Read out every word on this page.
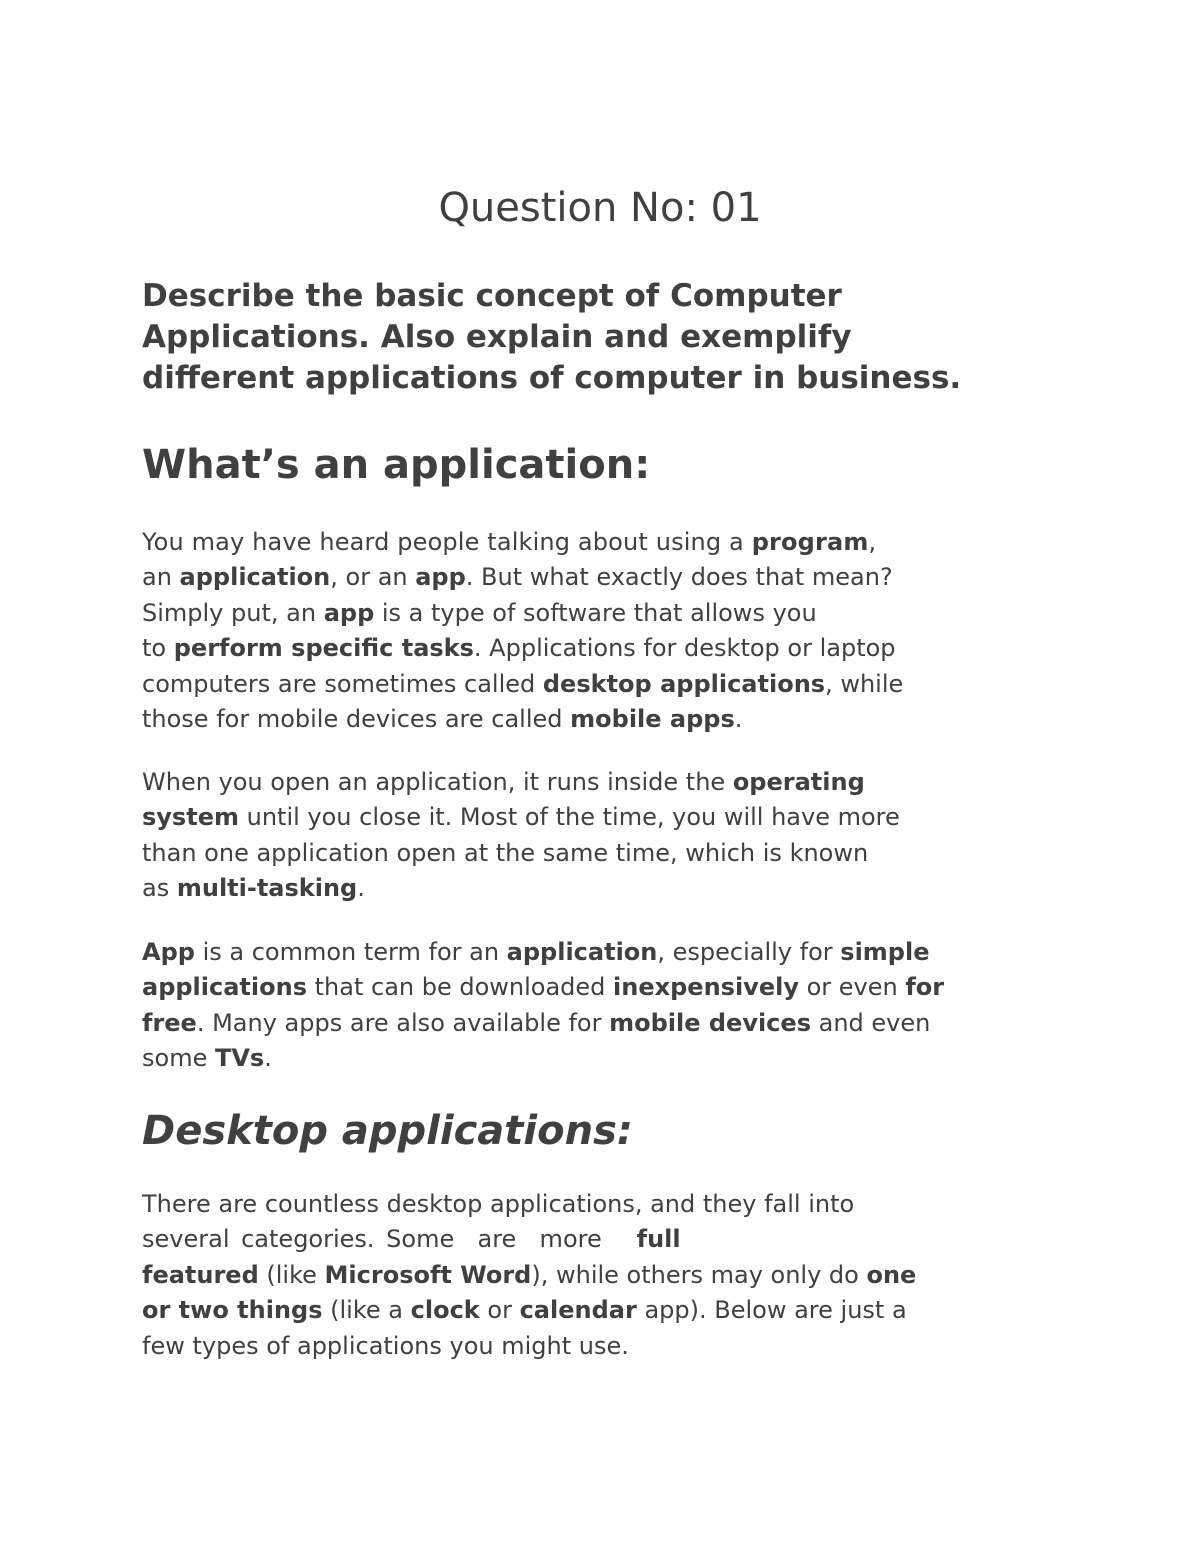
Question No: 01

Describe the basic concept of Computer
Applications. Also explain and exemplify
different applications of computer in business.

What’s an application:

You may have heard people talking about using a program,
an application, or an app. But what exactly does that mean?
Simply put, an app is a type of software that allows you
to perform specific tasks. Applications for desktop or laptop
computers are sometimes called desktop applications, while
those for mobile devices are called mobile apps.

When you open an application, it runs inside the operating
system until you close it. Most of the time, you will have more
than one application open at the same time, which is known
as multi-tasking.

App is a common term for an application, especially for simple
applications that can be downloaded inexpensively or even for
free. Many apps are also available for mobile devices and even
some TVs.

Desktop applications:

There are countless desktop applications, and they fall into
several categories. Some  are  more   full
featured (like Microsoft Word), while others may only do one
or two things (like a clock or calendar app). Below are just a
few types of applications you might use.
